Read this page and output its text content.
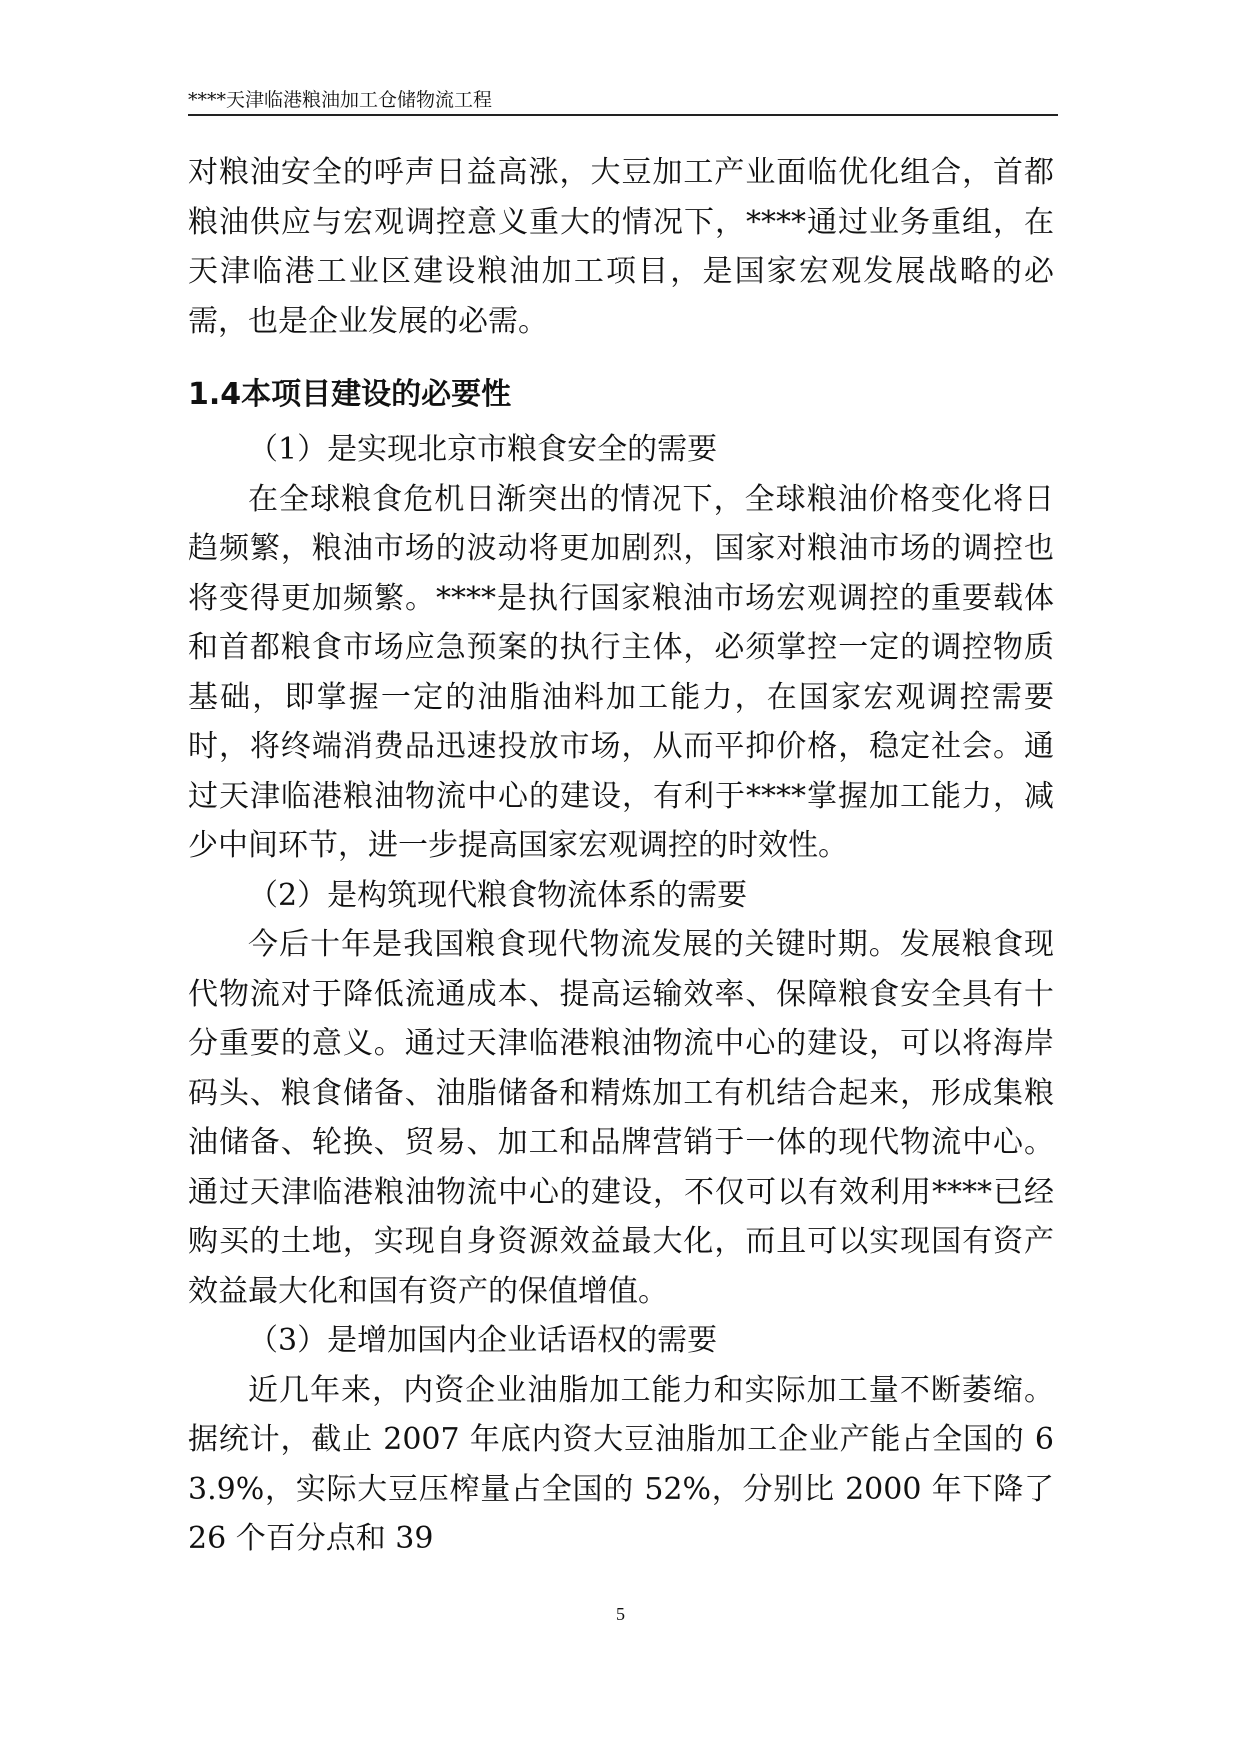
****天津临港粮油加工仓储物流工程

对粮油安全的呼声日益高涨，大豆加工产业面临优化组合，首都粮油供应与宏观调控意义重大的情况下，****通过业务重组，在天津临港工业区建设粮油加工项目，是国家宏观发展战略的必需，也是企业发展的必需。

1.4本项目建设的必要性
（1）是实现北京市粮食安全的需要

在全球粮食危机日渐突出的情况下，全球粮油价格变化将日趋频繁，粮油市场的波动将更加剧烈，国家对粮油市场的调控也将变得更加频繁。****是执行国家粮油市场宏观调控的重要载体和首都粮食市场应急预案的执行主体，必须掌控一定的调控物质基础，即掌握一定的油脂油料加工能力，在国家宏观调控需要时，将终端消费品迅速投放市场，从而平抑价格，稳定社会。通过天津临港粮油物流中心的建设，有利于****掌握加工能力，减少中间环节，进一步提高国家宏观调控的时效性。

（2）是构筑现代粮食物流体系的需要

今后十年是我国粮食现代物流发展的关键时期。发展粮食现代物流对于降低流通成本、提高运输效率、保障粮食安全具有十分重要的意义。通过天津临港粮油物流中心的建设，可以将海岸码头、粮食储备、油脂储备和精炼加工有机结合起来，形成集粮油储备、轮换、贸易、加工和品牌营销于一体的现代物流中心。通过天津临港粮油物流中心的建设，不仅可以有效利用****已经购买的土地，实现自身资源效益最大化，而且可以实现国有资产效益最大化和国有资产的保值增值。

（3）是增加国内企业话语权的需要

近几年来，内资企业油脂加工能力和实际加工量不断萎缩。据统计，截止 2007 年底内资大豆油脂加工企业产能占全国的 63.9%，实际大豆压榨量占全国的 52%，分别比 2000 年下降了 26 个百分点和 39

5
